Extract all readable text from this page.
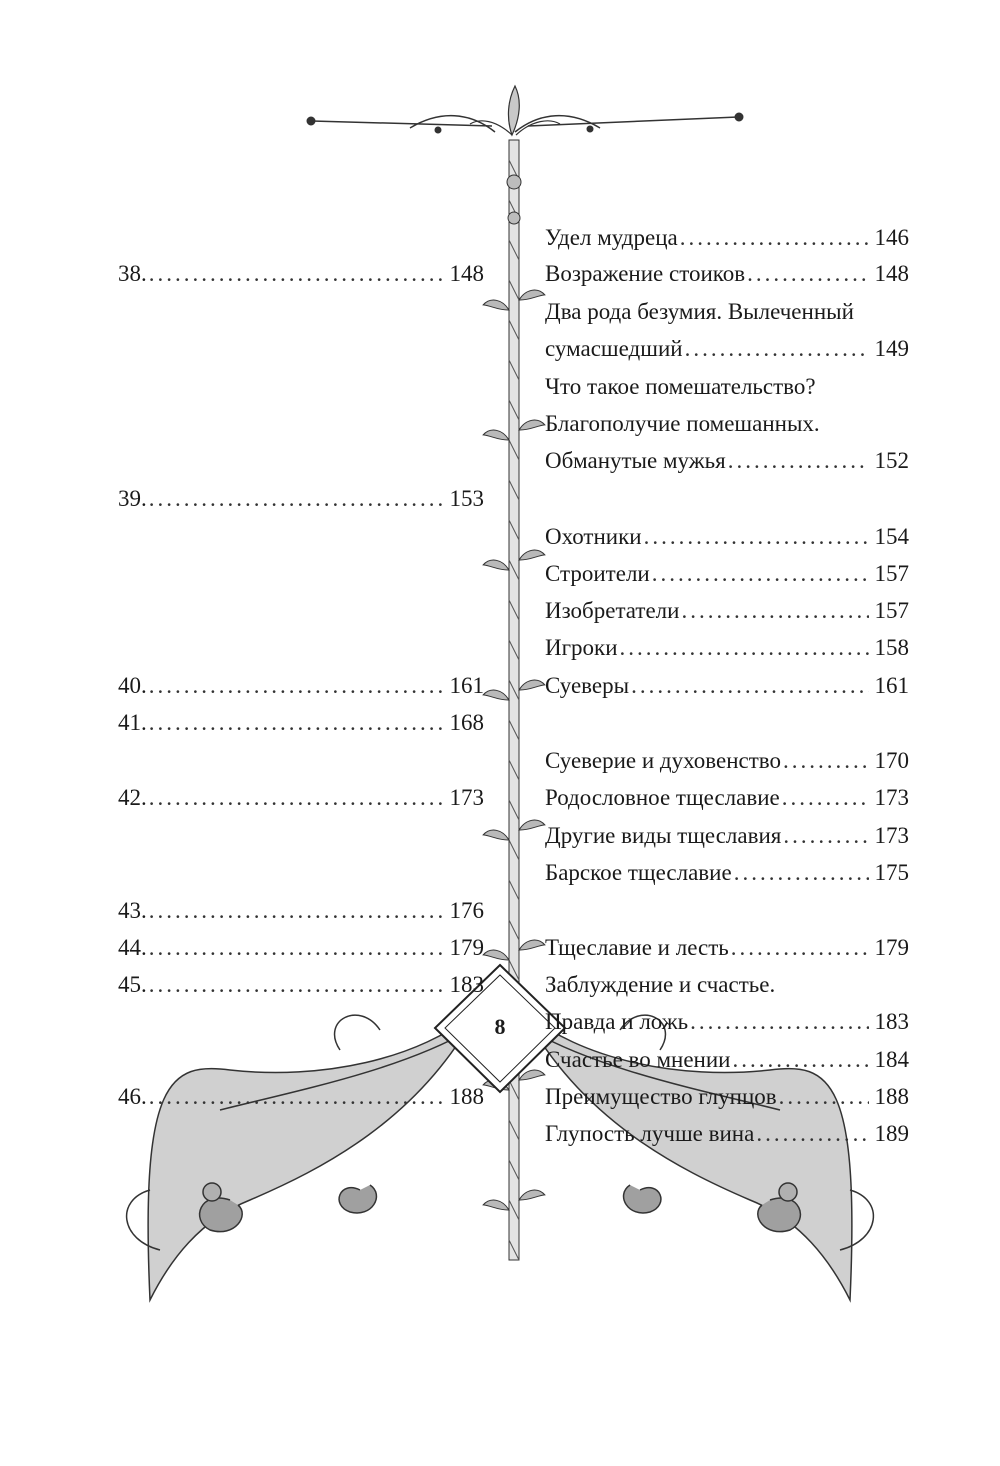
8
38. .....	148
39. .....	153
40. .....	161
41. .....	168
42. .....	173
43. .....	176
44. .....	179
45. .....	183
46. .....	188
Удел мудреца .....	146
Возражение стоиков .....	148
Два рода безумия. Вылеченный
сумасшедший .....	149
Что такое помешательство?
Благополучие помешанных.
Обманутые мужья .....	152
Охотники .....	154
Строители .....	157
Изобретатели .....	157
Игроки .....	158
Суеверы .....	161
Суеверие и духовенство .....	170
Родословное тщеславие .....	173
Другие виды тщеславия .....	173
Барское тщеславие .....	175
Тщеславие и лесть .....	179
Заблуждение и счастье.
Правда и ложь .....	183
Счастье во мнении .....	184
Преимущество глупцов .....	188
Глупость лучше вина .....	189
